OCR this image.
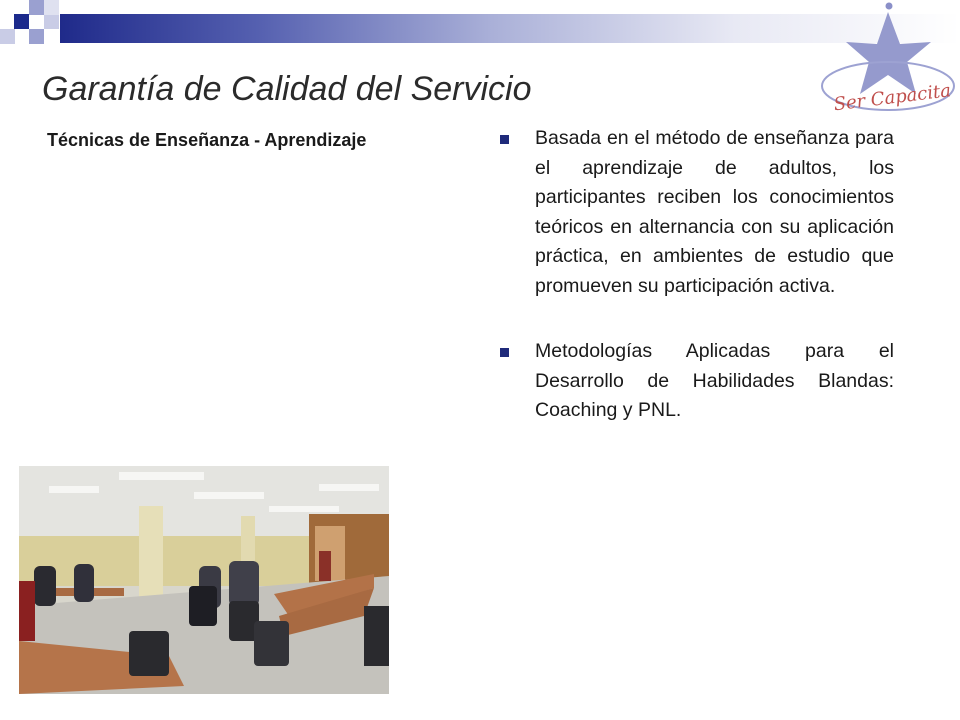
Ser Capacita
Garantía de Calidad del Servicio
Técnicas de Enseñanza - Aprendizaje	Basada en el método de enseñanza para el aprendizaje de adultos, los participantes reciben los conocimientos teóricos en alternancia con su aplicación práctica, en ambientes de estudio que promueven su participación activa.
Metodologías Aplicadas para el Desarrollo de Habilidades Blandas: Coaching y PNL.
